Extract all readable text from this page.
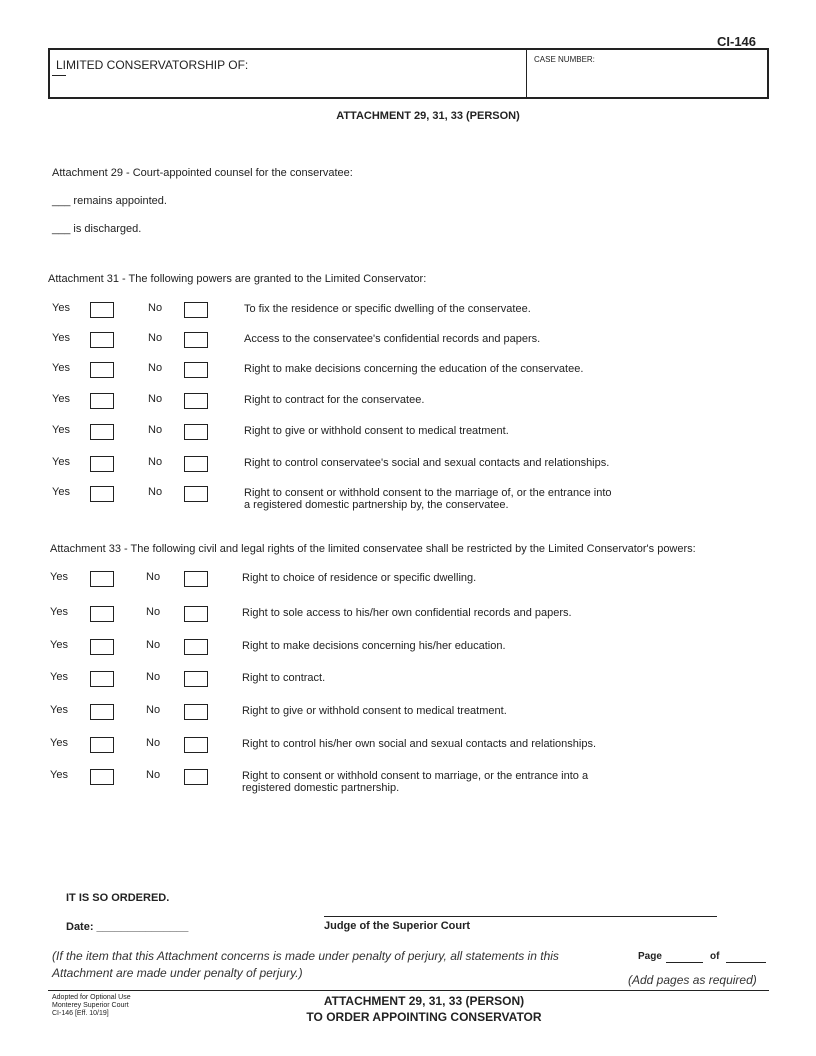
CI-146
LIMITED CONSERVATORSHIP OF:	CASE NUMBER:
ATTACHMENT 29, 31, 33 (PERSON)
Attachment 29 - Court-appointed counsel for the conservatee:
___ remains appointed.
___ is discharged.
Attachment 31 - The following powers are granted to the Limited Conservator:
Yes	No	To fix the residence or specific dwelling of the conservatee.
Yes	No	Access to the conservatee's confidential records and papers.
Yes	No	Right to make decisions concerning the education of the conservatee.
Yes	No	Right to contract for the conservatee.
Yes	No	Right to give or withhold consent to medical treatment.
Yes	No	Right to control conservatee's social and sexual contacts and relationships.
Yes	No	Right to consent or withhold consent to the marriage of, or the entrance into
a registered domestic partnership by, the conservatee.
Attachment 33 - The following civil and legal rights of the limited conservatee shall be restricted by the Limited Conservator's powers:
Yes	No	Right to choice of residence or specific dwelling.
Yes	No	Right to sole access to his/her own confidential records and papers.
Yes	No	Right to make decisions concerning his/her education.
Yes	No	Right to contract.
Yes	No	Right to give or withhold consent to medical treatment.
Yes	No	Right to control his/her own social and sexual contacts and relationships.
Yes	No	Right to consent or withhold consent to marriage, or the entrance into a
registered domestic partnership.
IT IS SO ORDERED.
Date: _______________	Judge of the Superior Court
(If the item that this Attachment concerns is made under penalty of perjury, all statements in this
Attachment are made under penalty of perjury.)
Page	of
(Add pages as required)
Adopted for Optional Use
Monterey Superior Court
CI-146 [Eff. 10/19]
ATTACHMENT 29, 31, 33 (PERSON)
TO ORDER APPOINTING CONSERVATOR
